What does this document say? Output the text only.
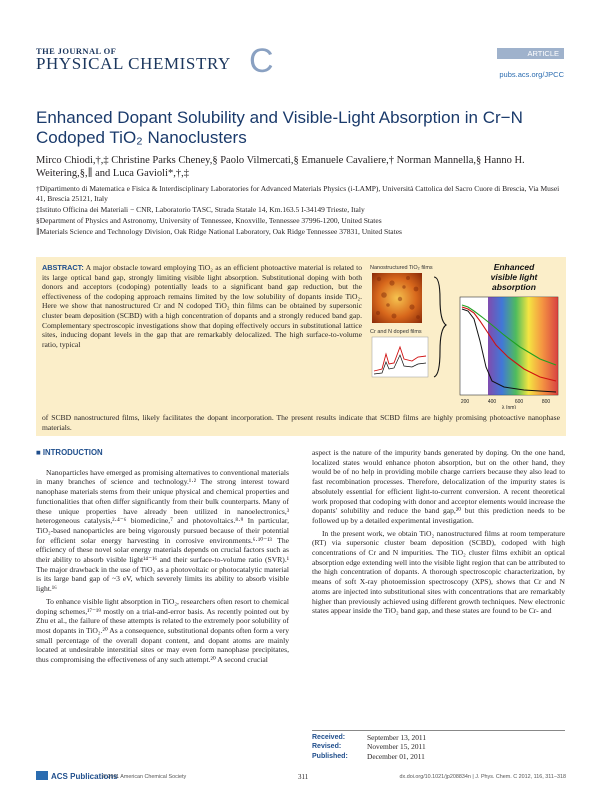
THE JOURNAL OF
PHYSICAL CHEMISTRY C	ARTICLE
pubs.acs.org/JPCC
Enhanced Dopant Solubility and Visible-Light Absorption in Cr−N Codoped TiO₂ Nanoclusters
Mirco Chiodi,†,‡ Christine Parks Cheney,§ Paolo Vilmercati,§ Emanuele Cavaliere,† Norman Mannella,§ Hanno H. Weitering,§,∥ and Luca Gavioli*,†,‡
†Dipartimento di Matematica e Fisica & Interdisciplinary Laboratories for Advanced Materials Physics (i-LAMP), Università Cattolica del Sacro Cuore di Brescia, Via Musei 41, Brescia 25121, Italy
‡Istituto Officina dei Materiali − CNR, Laboratorio TASC, Strada Statale 14, Km.163.5 I-34149 Trieste, Italy
§Department of Physics and Astronomy, University of Tennessee, Knoxville, Tennessee 37996-1200, United States
∥Materials Science and Technology Division, Oak Ridge National Laboratory, Oak Ridge Tennessee 37831, United States
ABSTRACT: A major obstacle toward employing TiO₂ as an efficient photoactive material is related to its large optical band gap, strongly limiting visible light absorption. Substitutional doping with both donors and acceptors (codoping) potentially leads to a significant band gap reduction, but the effectiveness of the codoping approach remains limited by the low solubility of dopants inside TiO₂. Here we show that nanostructured Cr and N codoped TiO₂ thin films can be obtained by supersonic cluster beam deposition (SCBD) with a high concentration of dopants and a strongly reduced band gap. Complementary spectroscopic investigations show that doping effectively occurs in substitutional lattice sites, inducing dopant levels in the gap that are remarkably delocalized. The high surface-to-volume ratio, typical
Nanostructured TiO₂ films
Cr and N doped films
Enhanced
visible light
absorption
200	400	600	800
λ (nm)
of SCBD nanostructured films, likely facilitates the dopant incorporation. The present results indicate that SCBD films are highly promising photoactive nanophase materials.
■ INTRODUCTION

Nanoparticles have emerged as promising alternatives to conventional materials in many branches of science and technology.¹·² The strong interest toward nanophase materials stems from their unique physical and chemical properties and functionalities that often differ significantly from their bulk counterparts. Many of these unique properties have already been utilized in nanoelectronics,³ heterogeneous catalysis,²·⁴⁻⁶ biomedicine,⁷ and photovoltaics.⁸·⁹ In particular, TiO₂-based nanoparticles are being vigorously pursued because of their potential for efficient solar energy harvesting in corrosive environments.⁶·¹⁰⁻¹³ The efficiency of these novel solar energy materials depends on crucial factors such as their ability to absorb visible light¹⁴⁻¹⁶ and their surface-to-volume ratio (SVR).¹ The major drawback in the use of TiO₂ as a photovoltaic or photocatalytic material is its large band gap of ~3 eV, which severely limits its ability to absorb visible light.¹⁶

To enhance visible light absorption in TiO₂, researchers often resort to chemical doping schemes,¹⁷⁻¹⁹ mostly on a trial-and-error basis. As recently pointed out by Zhu et al., the failure of these attempts is related to the extremely poor solubility of most dopants in TiO₂.²⁰ As a consequence, substitutional dopants often form a very small percentage of the overall dopant content, and dopant atoms are mainly located at undesirable interstitial sites or may even form nanophase precipitates, thus compromising the effectiveness of any such attempt.²⁰ A second crucial

aspect is the nature of the impurity bands generated by doping. On the one hand, localized states would enhance photon absorption, but on the other hand, they would be of no help in providing mobile charge carriers because they also lead to fast recombination processes. Therefore, delocalization of the impurity states is absolutely essential for efficient light-to-current conversion. A recent theoretical work proposed that codoping with donor and acceptor elements would increase the dopants' solubility and reduce the band gap,²⁰ but this prediction needs to be followed up by a detailed experimental investigation.

In the present work, we obtain TiO₂ nanostructured films at room temperature (RT) via supersonic cluster beam deposition (SCBD), codoped with high concentrations of Cr and N impurities. The TiO₂ cluster films exhibit an optical absorption edge extending well into the visible light region that can be attributed to the high concentration of dopants. A thorough spectroscopic characterization, by means of soft X-ray photoemission spectroscopy (XPS), shows that Cr and N atoms are injected into substitutional sites with concentrations that are remarkably higher than previously achieved using different growth techniques. New electronic states appear inside the TiO₂ band gap, and these states are found to be Cr- and

Received:	September 13, 2011
Revised:	November 15, 2011
Published:	December 01, 2011
ACS Publications
© 2011 American Chemical Society	311	dx.doi.org/10.1021/jp208834n | J. Phys. Chem. C 2012, 116, 311−318
